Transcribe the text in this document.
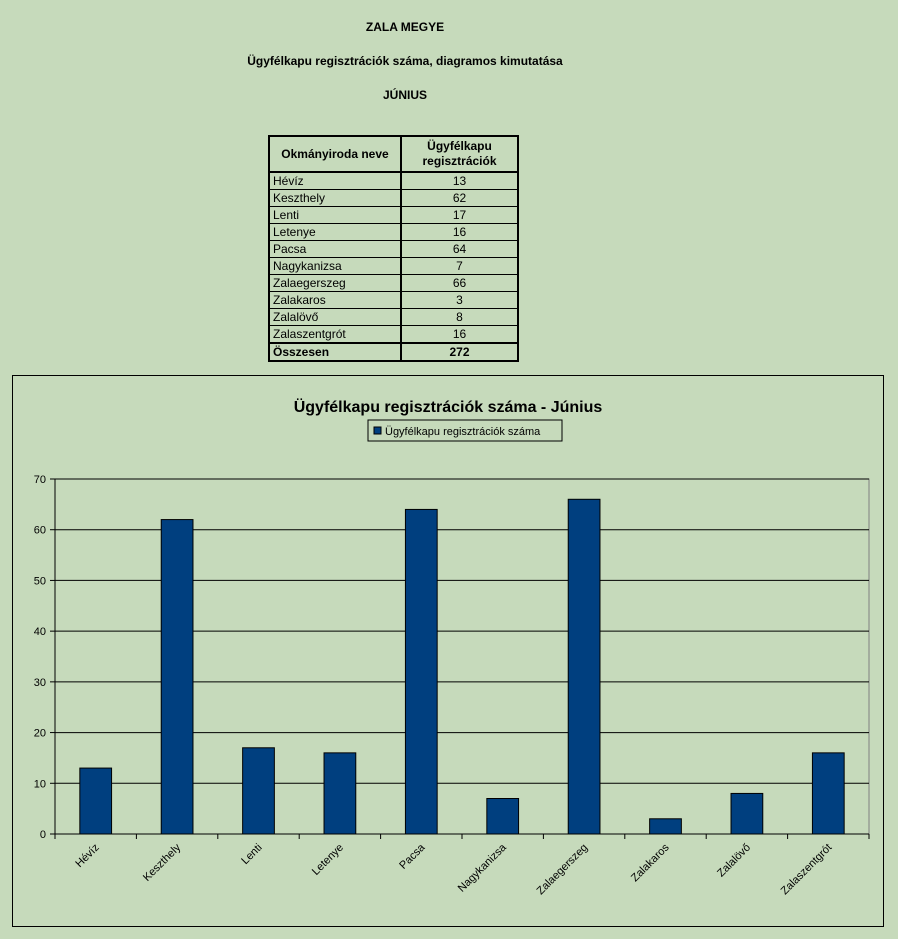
ZALA MEGYE
Ügyfélkapu regisztrációk száma, diagramos kimutatása
JÚNIUS
Okmányiroda neve	Ügyfélkapu
regisztrációk
Hévíz	13
Keszthely	62
Lenti	17
Letenye	16
Pacsa	64
Nagykanizsa	7
Zalaegerszeg	66
Zalakaros	3
Zalalövő	8
Zalaszentgrót	16
Összesen	272
Ügyfélkapu regisztrációk száma - Június
Ügyfélkapu regisztrációk száma
0
10
20
30
40
50
60
70
Hévíz	Keszthely	Lenti	Letenye	Pacsa	Nagykanizsa Zalaegerszeg	Zalakaros	Zalalövő Zalaszentgrót
